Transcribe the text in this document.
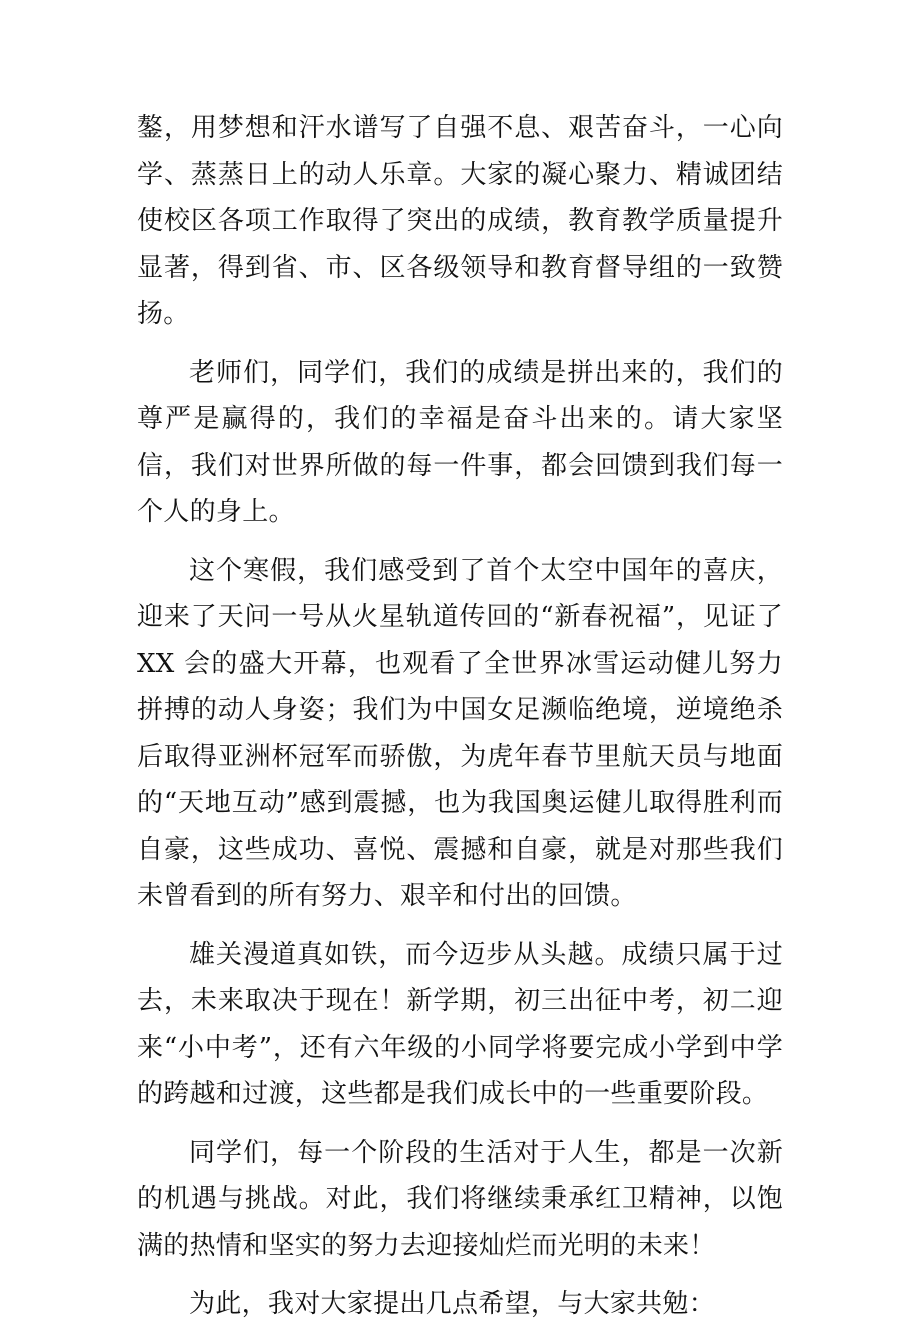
鏊，用梦想和汗水谱写了自强不息、艰苦奋斗，一心向学、蒸蒸日上的动人乐章。大家的凝心聚力、精诚团结使校区各项工作取得了突出的成绩，教育教学质量提升显著，得到省、市、区各级领导和教育督导组的一致赞扬。

老师们，同学们，我们的成绩是拼出来的，我们的尊严是赢得的，我们的幸福是奋斗出来的。请大家坚信，我们对世界所做的每一件事，都会回馈到我们每一个人的身上。

这个寒假，我们感受到了首个太空中国年的喜庆，迎来了天问一号从火星轨道传回的“新春祝福”，见证了 XX 会的盛大开幕，也观看了全世界冰雪运动健儿努力拼搏的动人身姿；我们为中国女足濒临绝境，逆境绝杀后取得亚洲杯冠军而骄傲，为虎年春节里航天员与地面的“天地互动”感到震撼，也为我国奥运健儿取得胜利而自豪，这些成功、喜悦、震撼和自豪，就是对那些我们未曾看到的所有努力、艰辛和付出的回馈。

雄关漫道真如铁，而今迈步从头越。成绩只属于过去，未来取决于现在！新学期，初三出征中考，初二迎来“小中考”，还有六年级的小同学将要完成小学到中学的跨越和过渡，这些都是我们成长中的一些重要阶段。

同学们，每一个阶段的生活对于人生，都是一次新的机遇与挑战。对此，我们将继续秉承红卫精神，以饱满的热情和坚实的努力去迎接灿烂而光明的未来！

为此，我对大家提出几点希望，与大家共勉：
